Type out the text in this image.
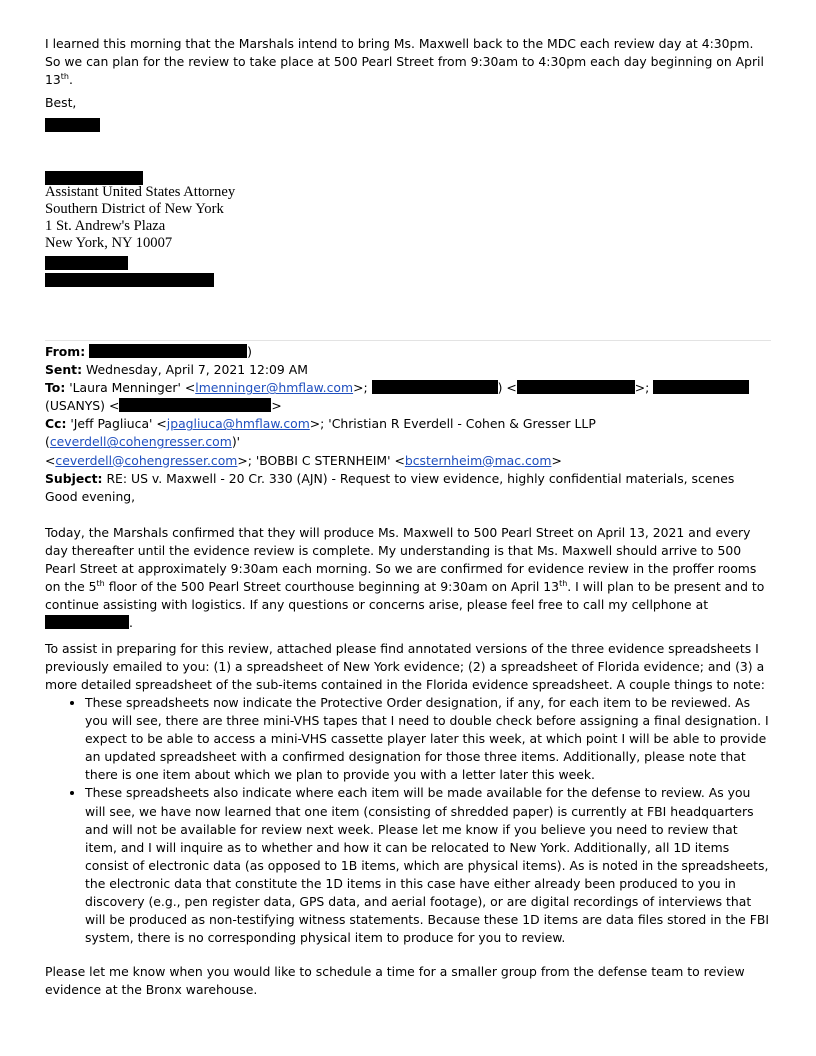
I learned this morning that the Marshals intend to bring Ms. Maxwell back to the MDC each review day at 4:30pm. So we can plan for the review to take place at 500 Pearl Street from 9:30am to 4:30pm each day beginning on April 13th.

Best,

Assistant United States Attorney
Southern District of New York
1 St. Andrew's Plaza
New York, NY 10007

From:	)

Sent: Wednesday, April 7, 2021 12:09 AM

To: 'Laura Menninger' <lmenninger@hmflaw.com>;	) <	>;
(USANYS) <	>

Cc: 'Jeff Pagliuca' <jpagliuca@hmflaw.com>; 'Christian R Everdell - Cohen & Gresser LLP (ceverdell@cohengresser.com)'
<ceverdell@cohengresser.com>; 'BOBBI C STERNHEIM' <bcsternheim@mac.com>

Subject: RE: US v. Maxwell - 20 Cr. 330 (AJN) - Request to view evidence, highly confidential materials, scenes

Good evening,

Today, the Marshals confirmed that they will produce Ms. Maxwell to 500 Pearl Street on April 13, 2021 and every day thereafter until the evidence review is complete. My understanding is that Ms. Maxwell should arrive to 500 Pearl Street at approximately 9:30am each morning. So we are confirmed for evidence review in the proffer rooms on the 5th floor of the 500 Pearl Street courthouse beginning at 9:30am on April 13th. I will plan to be present and to continue assisting with logistics. If any questions or concerns arise, please feel free to call my cellphone at .

To assist in preparing for this review, attached please find annotated versions of the three evidence spreadsheets I previously emailed to you: (1) a spreadsheet of New York evidence; (2) a spreadsheet of Florida evidence; and (3) a more detailed spreadsheet of the sub-items contained in the Florida evidence spreadsheet. A couple things to note:

• These spreadsheets now indicate the Protective Order designation, if any, for each item to be reviewed. As you will see, there are three mini-VHS tapes that I need to double check before assigning a final designation. I expect to be able to access a mini-VHS cassette player later this week, at which point I will be able to provide an updated spreadsheet with a confirmed designation for those three items. Additionally, please note that there is one item about which we plan to provide you with a letter later this week.
• These spreadsheets also indicate where each item will be made available for the defense to review. As you will see, we have now learned that one item (consisting of shredded paper) is currently at FBI headquarters and will not be available for review next week. Please let me know if you believe you need to review that item, and I will inquire as to whether and how it can be relocated to New York. Additionally, all 1D items consist of electronic data (as opposed to 1B items, which are physical items). As is noted in the spreadsheets, the electronic data that constitute the 1D items in this case have either already been produced to you in discovery (e.g., pen register data, GPS data, and aerial footage), or are digital recordings of interviews that will be produced as non-testifying witness statements. Because these 1D items are data files stored in the FBI system, there is no corresponding physical item to produce for you to review.

Please let me know when you would like to schedule a time for a smaller group from the defense team to review evidence at the Bronx warehouse.
